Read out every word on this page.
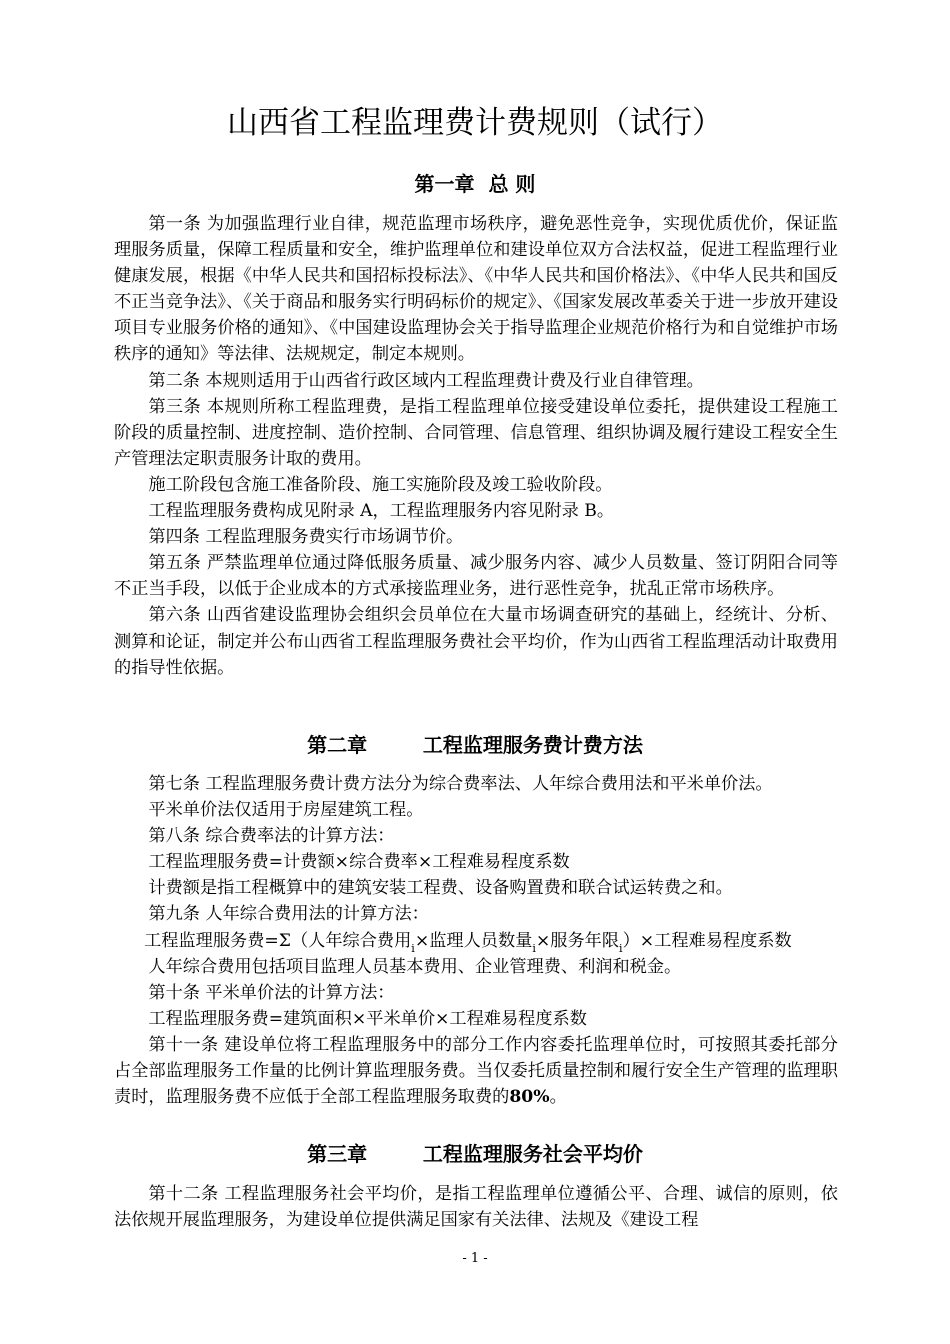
山西省工程监理费计费规则（试行）
第一章  总 则

第一条 为加强监理行业自律，规范监理市场秩序，避免恶性竞争，实现优质优价，保证监理服务质量，保障工程质量和安全，维护监理单位和建设单位双方合法权益，促进工程监理行业健康发展，根据《中华人民共和国招标投标法》、《中华人民共和国价格法》、《中华人民共和国反不正当竞争法》、《关于商品和服务实行明码标价的规定》、《国家发展改革委关于进一步放开建设项目专业服务价格的通知》、《中国建设监理协会关于指导监理企业规范价格行为和自觉维护市场秩序的通知》等法律、法规规定，制定本规则。

第二条 本规则适用于山西省行政区域内工程监理费计费及行业自律管理。

第三条 本规则所称工程监理费，是指工程监理单位接受建设单位委托，提供建设工程施工阶段的质量控制、进度控制、造价控制、合同管理、信息管理、组织协调及履行建设工程安全生产管理法定职责服务计取的费用。

施工阶段包含施工准备阶段、施工实施阶段及竣工验收阶段。

工程监理服务费构成见附录 A，工程监理服务内容见附录 B。

第四条 工程监理服务费实行市场调节价。

第五条 严禁监理单位通过降低服务质量、减少服务内容、减少人员数量、签订阴阳合同等不正当手段，以低于企业成本的方式承接监理业务，进行恶性竞争，扰乱正常市场秩序。

第六条 山西省建设监理协会组织会员单位在大量市场调查研究的基础上，经统计、分析、测算和论证，制定并公布山西省工程监理服务费社会平均价，作为山西省工程监理活动计取费用的指导性依据。

第二章        工程监理服务费计费方法

第七条 工程监理服务费计费方法分为综合费率法、人年综合费用法和平米单价法。

平米单价法仅适用于房屋建筑工程。

第八条 综合费率法的计算方法：

工程监理服务费=计费额×综合费率×工程难易程度系数

计费额是指工程概算中的建筑安装工程费、设备购置费和联合试运转费之和。

第九条 人年综合费用法的计算方法：

工程监理服务费=Σ（人年综合费用$_i$×监理人员数量$_i$×服务年限$_i$）×工程难易程度系数

人年综合费用包括项目监理人员基本费用、企业管理费、利润和税金。

第十条 平米单价法的计算方法：

工程监理服务费=建筑面积×平米单价×工程难易程度系数

第十一条 建设单位将工程监理服务中的部分工作内容委托监理单位时，可按照其委托部分占全部监理服务工作量的比例计算监理服务费。当仅委托质量控制和履行安全生产管理的监理职责时，监理服务费不应低于全部工程监理服务取费的80%。

第三章        工程监理服务社会平均价

第十二条 工程监理服务社会平均价，是指工程监理单位遵循公平、合理、诚信的原则，依法依规开展监理服务，为建设单位提供满足国家有关法律、法规及《建设工程

- 1 -
